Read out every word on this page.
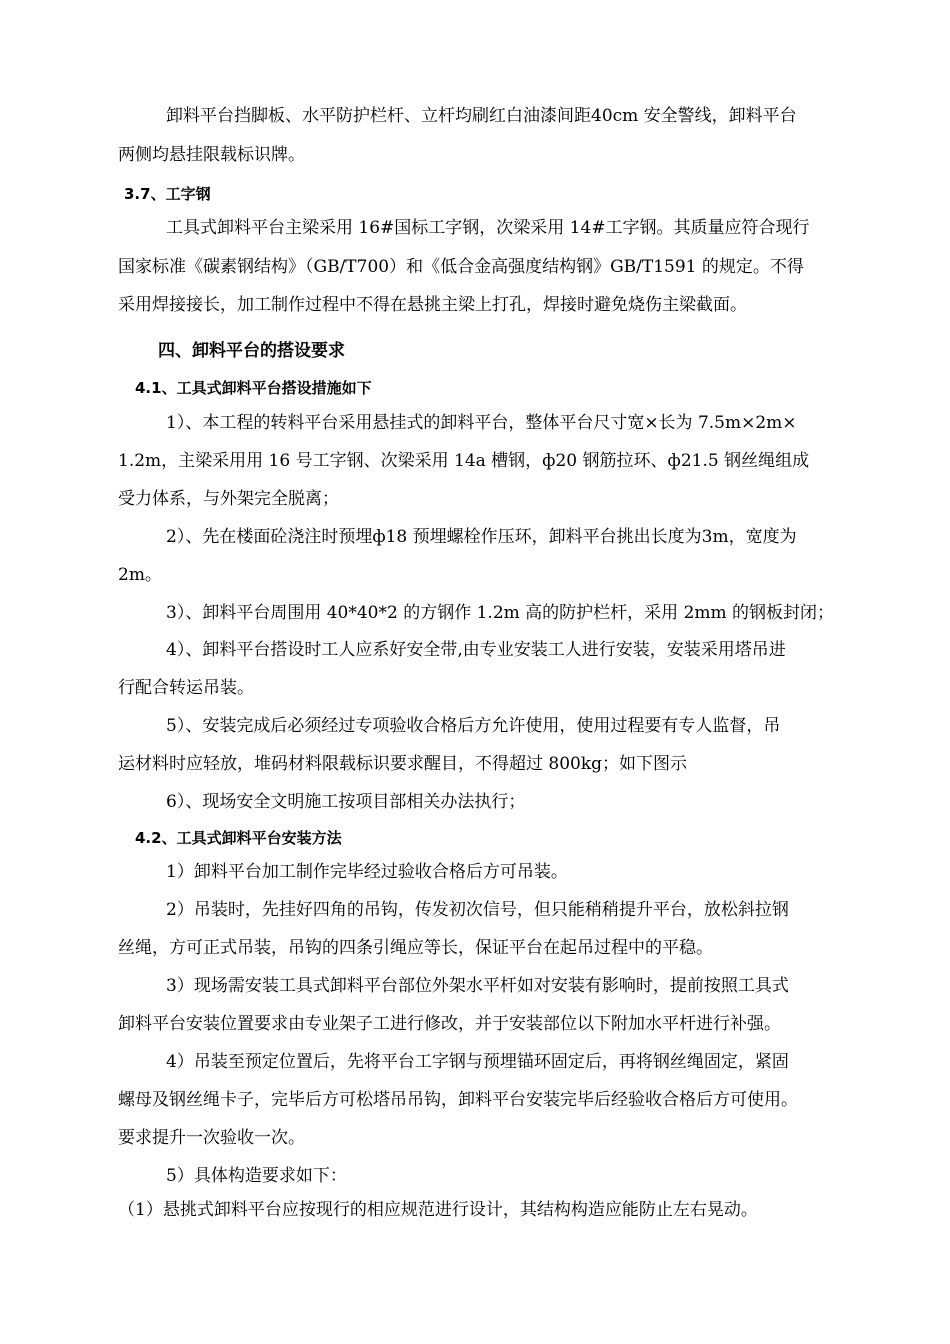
卸料平台挡脚板、水平防护栏杆、立杆均刷红白油漆间距40cm 安全警线，卸料平台
两侧均悬挂限载标识牌。
3.7、工字钢
工具式卸料平台主梁采用 16#国标工字钢，次梁采用 14#工字钢。其质量应符合现行
国家标准《碳素钢结构》（GB/T700）和《低合金高强度结构钢》GB/T1591 的规定。不得
采用焊接接长，加工制作过程中不得在悬挑主梁上打孔，焊接时避免烧伤主梁截面。
四、卸料平台的搭设要求
4.1、工具式卸料平台搭设措施如下
1）、本工程的转料平台采用悬挂式的卸料平台，整体平台尺寸宽×长为 7.5m×2m×
1.2m，主梁采用用 16 号工字钢、次梁采用 14a 槽钢，ф20 钢筋拉环、ф21.5 钢丝绳组成
受力体系，与外架完全脱离；
2）、先在楼面砼浇注时预埋ф18 预埋螺栓作压环，卸料平台挑出长度为3m，宽度为
2m。
3）、卸料平台周围用 40*40*2 的方钢作 1.2m 高的防护栏杆，采用 2mm 的钢板封闭；
4）、卸料平台搭设时工人应系好安全带,由专业安装工人进行安装，安装采用塔吊进
行配合转运吊装。
5）、安装完成后必须经过专项验收合格后方允许使用，使用过程要有专人监督，吊
运材料时应轻放，堆码材料限载标识要求醒目，不得超过 800kg；如下图示
6）、现场安全文明施工按项目部相关办法执行；
4.2、工具式卸料平台安装方法
1）卸料平台加工制作完毕经过验收合格后方可吊装。
2）吊装时，先挂好四角的吊钩，传发初次信号，但只能稍稍提升平台，放松斜拉钢
丝绳，方可正式吊装，吊钩的四条引绳应等长，保证平台在起吊过程中的平稳。
3）现场需安装工具式卸料平台部位外架水平杆如对安装有影响时，提前按照工具式
卸料平台安装位置要求由专业架子工进行修改，并于安装部位以下附加水平杆进行补强。
4）吊装至预定位置后，先将平台工字钢与预埋锚环固定后，再将钢丝绳固定，紧固
螺母及钢丝绳卡子，完毕后方可松塔吊吊钩，卸料平台安装完毕后经验收合格后方可使用。
要求提升一次验收一次。
5）具体构造要求如下：
（1）悬挑式卸料平台应按现行的相应规范进行设计，其结构构造应能防止左右晃动。
